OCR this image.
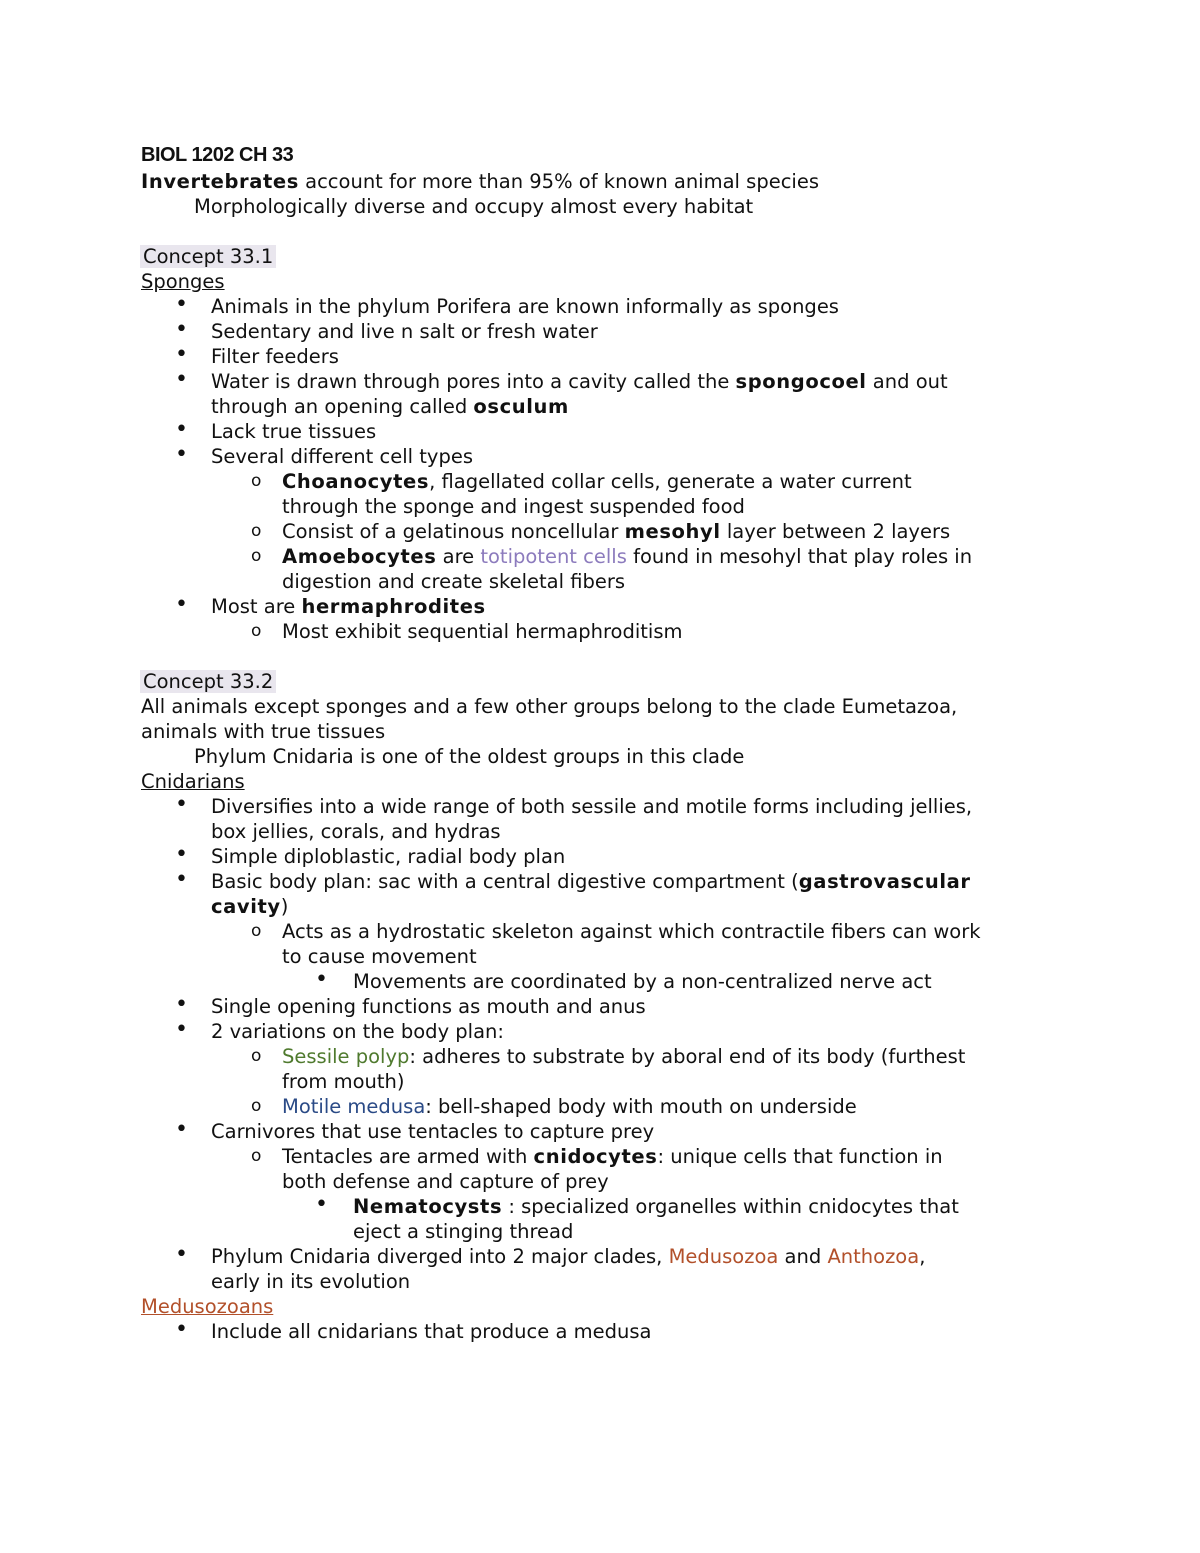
BIOL 1202 CH 33
Invertebrates account for more than 95% of known animal species
Morphologically diverse and occupy almost every habitat
Concept 33.1
Sponges
• Animals in the phylum Porifera are known informally as sponges
• Sedentary and live n salt or fresh water
• Filter feeders
• Water is drawn through pores into a cavity called the spongocoel and out
through an opening called osculum
• Lack true tissues
• Several different cell types
o Choanocytes, flagellated collar cells, generate a water current
through the sponge and ingest suspended food
o Consist of a gelatinous noncellular mesohyl layer between 2 layers
o Amoebocytes are totipotent cells found in mesohyl that play roles in
digestion and create skeletal fibers
• Most are hermaphrodites
o Most exhibit sequential hermaphroditism
Concept 33.2
All animals except sponges and a few other groups belong to the clade Eumetazoa,
animals with true tissues
Phylum Cnidaria is one of the oldest groups in this clade
Cnidarians
• Diversifies into a wide range of both sessile and motile forms including jellies,
box jellies, corals, and hydras
• Simple diploblastic, radial body plan
• Basic body plan: sac with a central digestive compartment (gastrovascular
cavity)
o Acts as a hydrostatic skeleton against which contractile fibers can work
to cause movement
• Movements are coordinated by a non-centralized nerve act
• Single opening functions as mouth and anus
• 2 variations on the body plan:
o Sessile polyp: adheres to substrate by aboral end of its body (furthest
from mouth)
o Motile medusa: bell-shaped body with mouth on underside
• Carnivores that use tentacles to capture prey
o Tentacles are armed with cnidocytes: unique cells that function in
both defense and capture of prey
• Nematocysts : specialized organelles within cnidocytes that
eject a stinging thread
• Phylum Cnidaria diverged into 2 major clades, Medusozoa and Anthozoa,
early in its evolution
Medusozoans
• Include all cnidarians that produce a medusa
